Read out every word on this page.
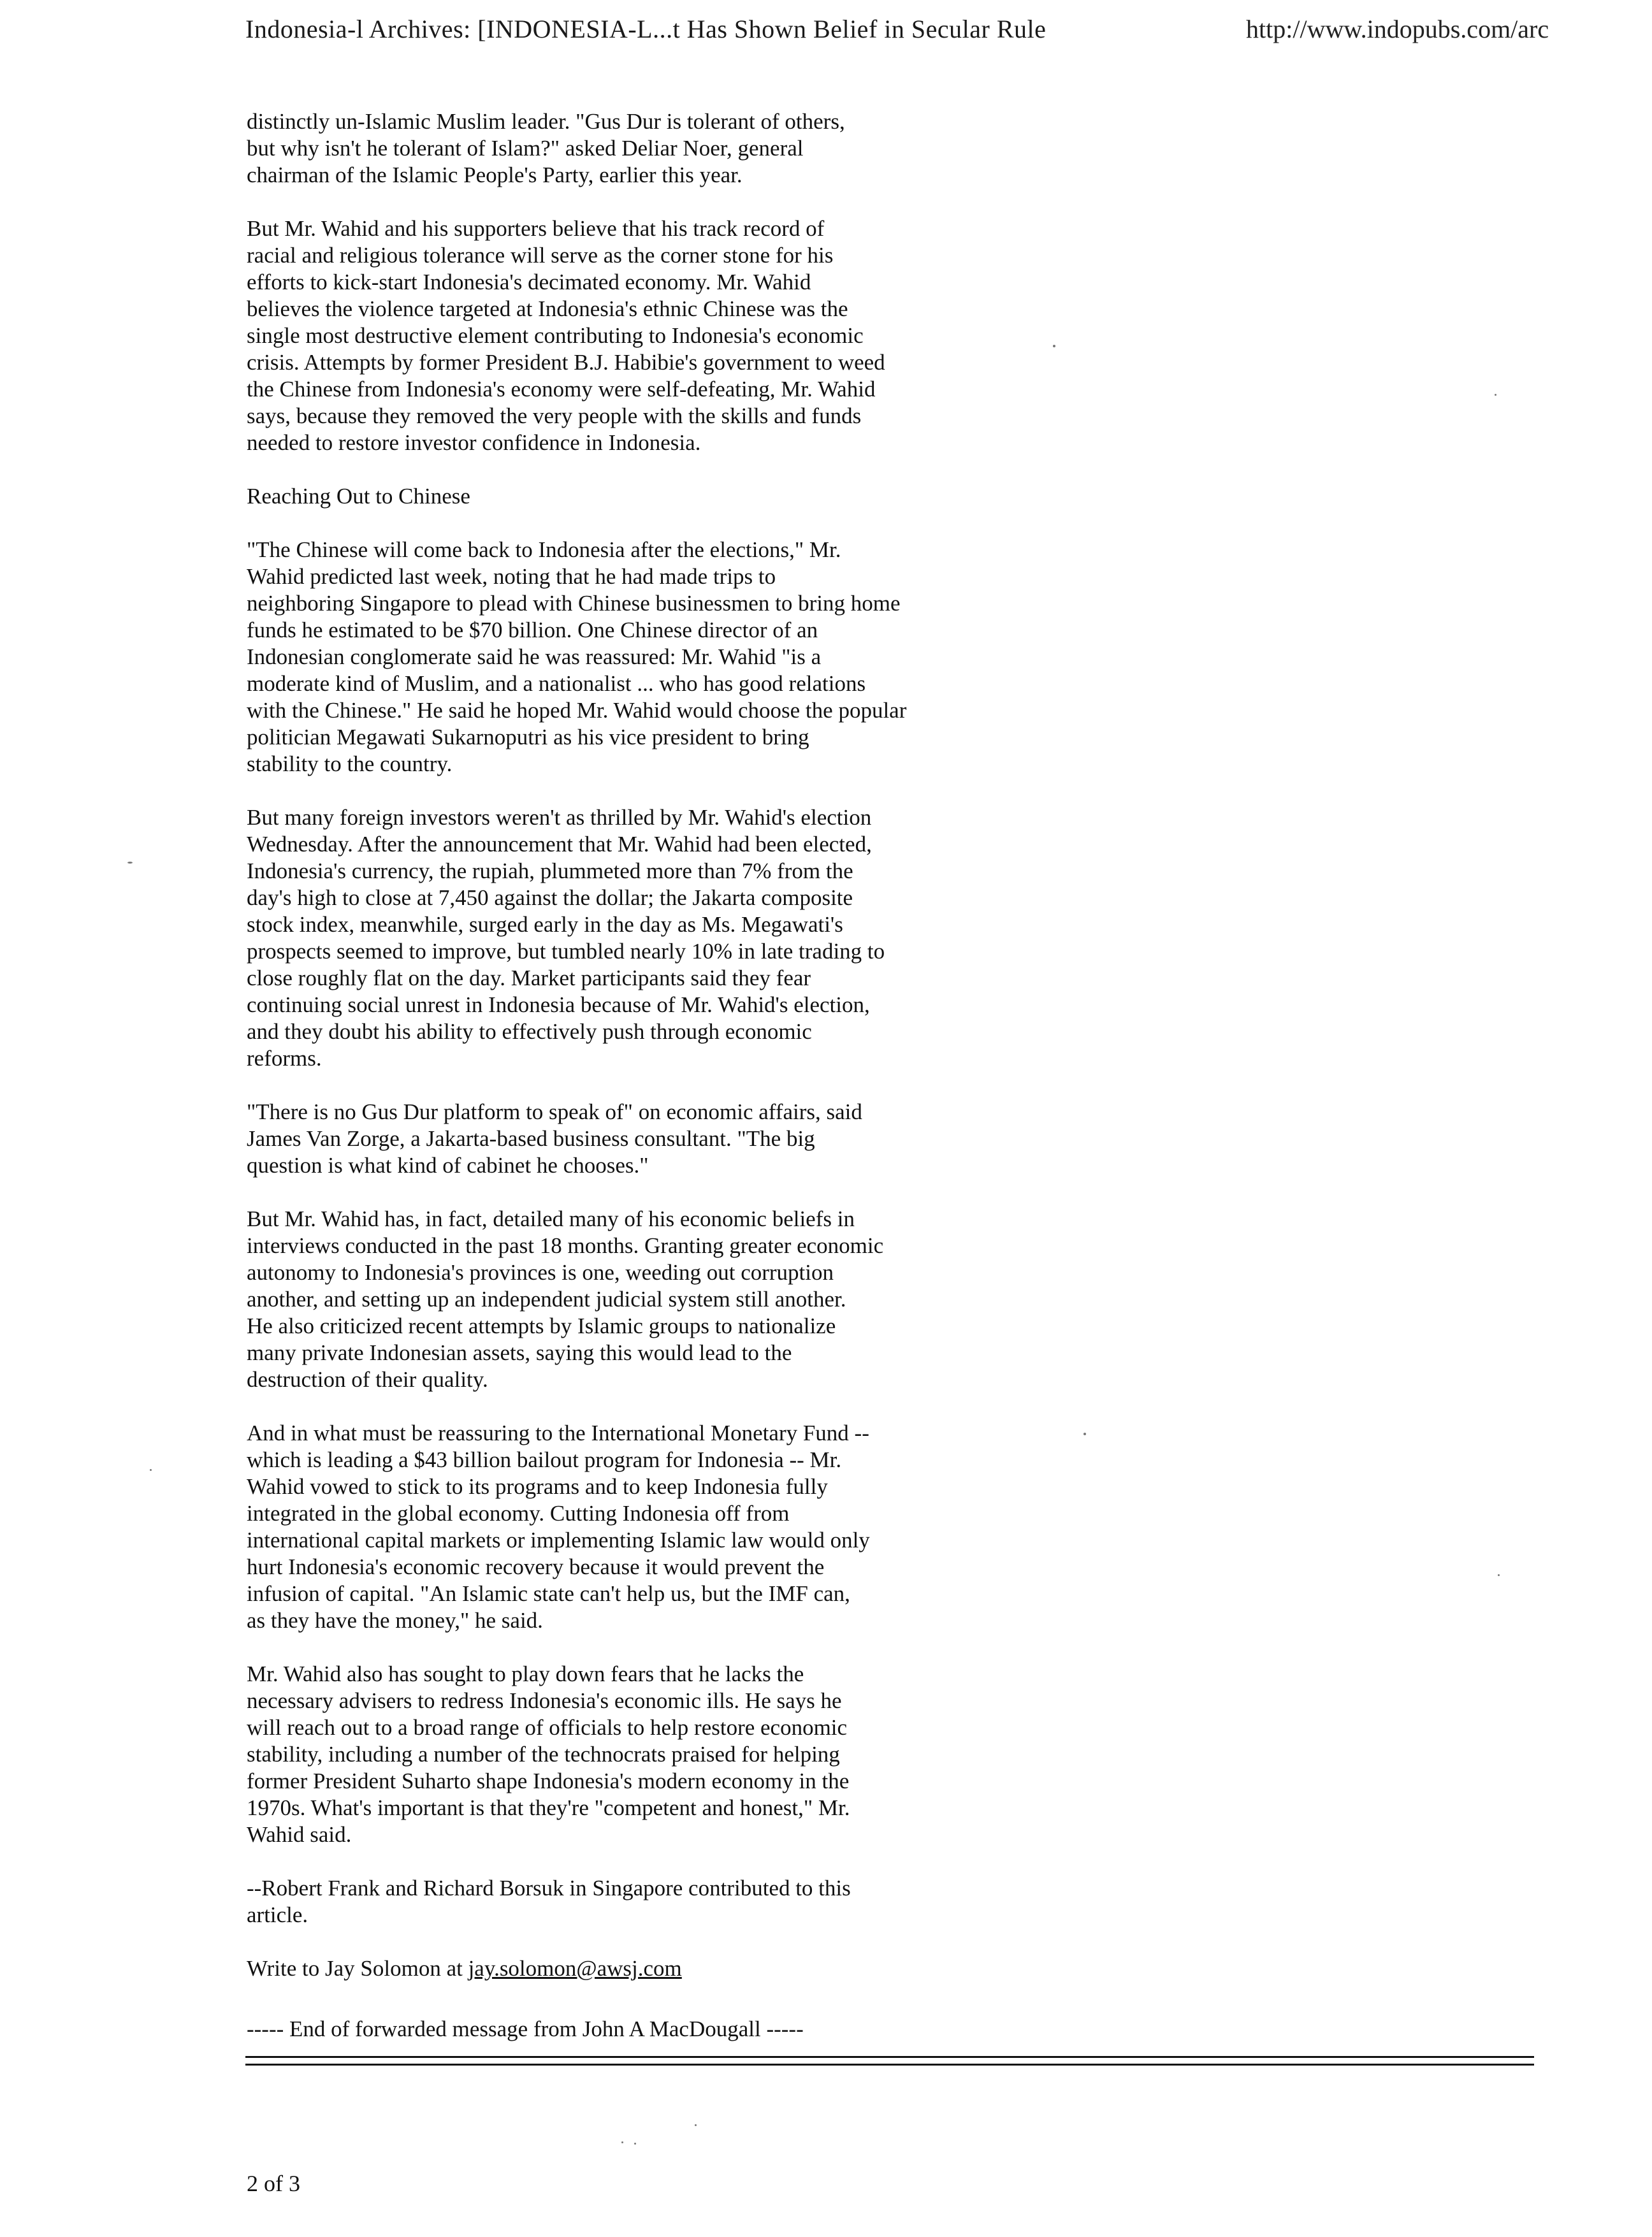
Indonesia-l Archives: [INDONESIA-L...t Has Shown Belief in Secular Rule	http://www.indopubs.com/arc

distinctly un-Islamic Muslim leader. "Gus Dur is tolerant of others,
but why isn't he tolerant of Islam?" asked Deliar Noer, general
chairman of the Islamic People's Party, earlier this year.

But Mr. Wahid and his supporters believe that his track record of
racial and religious tolerance will serve as the corner stone for his
efforts to kick-start Indonesia's decimated economy. Mr. Wahid
believes the violence targeted at Indonesia's ethnic Chinese was the
single most destructive element contributing to Indonesia's economic
crisis. Attempts by former President B.J. Habibie's government to weed
the Chinese from Indonesia's economy were self-defeating, Mr. Wahid
says, because they removed the very people with the skills and funds
needed to restore investor confidence in Indonesia.

Reaching Out to Chinese

"The Chinese will come back to Indonesia after the elections," Mr.
Wahid predicted last week, noting that he had made trips to
neighboring Singapore to plead with Chinese businessmen to bring home
funds he estimated to be $70 billion. One Chinese director of an
Indonesian conglomerate said he was reassured: Mr. Wahid "is a
moderate kind of Muslim, and a nationalist ... who has good relations
with the Chinese." He said he hoped Mr. Wahid would choose the popular
politician Megawati Sukarnoputri as his vice president to bring
stability to the country.

But many foreign investors weren't as thrilled by Mr. Wahid's election
Wednesday. After the announcement that Mr. Wahid had been elected,
Indonesia's currency, the rupiah, plummeted more than 7% from the
day's high to close at 7,450 against the dollar; the Jakarta composite
stock index, meanwhile, surged early in the day as Ms. Megawati's
prospects seemed to improve, but tumbled nearly 10% in late trading to
close roughly flat on the day. Market participants said they fear
continuing social unrest in Indonesia because of Mr. Wahid's election,
and they doubt his ability to effectively push through economic
reforms.

"There is no Gus Dur platform to speak of" on economic affairs, said
James Van Zorge, a Jakarta-based business consultant. "The big
question is what kind of cabinet he chooses."

But Mr. Wahid has, in fact, detailed many of his economic beliefs in
interviews conducted in the past 18 months. Granting greater economic
autonomy to Indonesia's provinces is one, weeding out corruption
another, and setting up an independent judicial system still another.
He also criticized recent attempts by Islamic groups to nationalize
many private Indonesian assets, saying this would lead to the
destruction of their quality.

And in what must be reassuring to the International Monetary Fund --
which is leading a $43 billion bailout program for Indonesia -- Mr.
Wahid vowed to stick to its programs and to keep Indonesia fully
integrated in the global economy. Cutting Indonesia off from
international capital markets or implementing Islamic law would only
hurt Indonesia's economic recovery because it would prevent the
infusion of capital. "An Islamic state can't help us, but the IMF can,
as they have the money," he said.

Mr. Wahid also has sought to play down fears that he lacks the
necessary advisers to redress Indonesia's economic ills. He says he
will reach out to a broad range of officials to help restore economic
stability, including a number of the technocrats praised for helping
former President Suharto shape Indonesia's modern economy in the
1970s. What's important is that they're "competent and honest," Mr.
Wahid said.

--Robert Frank and Richard Borsuk in Singapore contributed to this
article.

Write to Jay Solomon at jay.solomon@awsj.com

----- End of forwarded message from John A MacDougall -----
2 of 3
